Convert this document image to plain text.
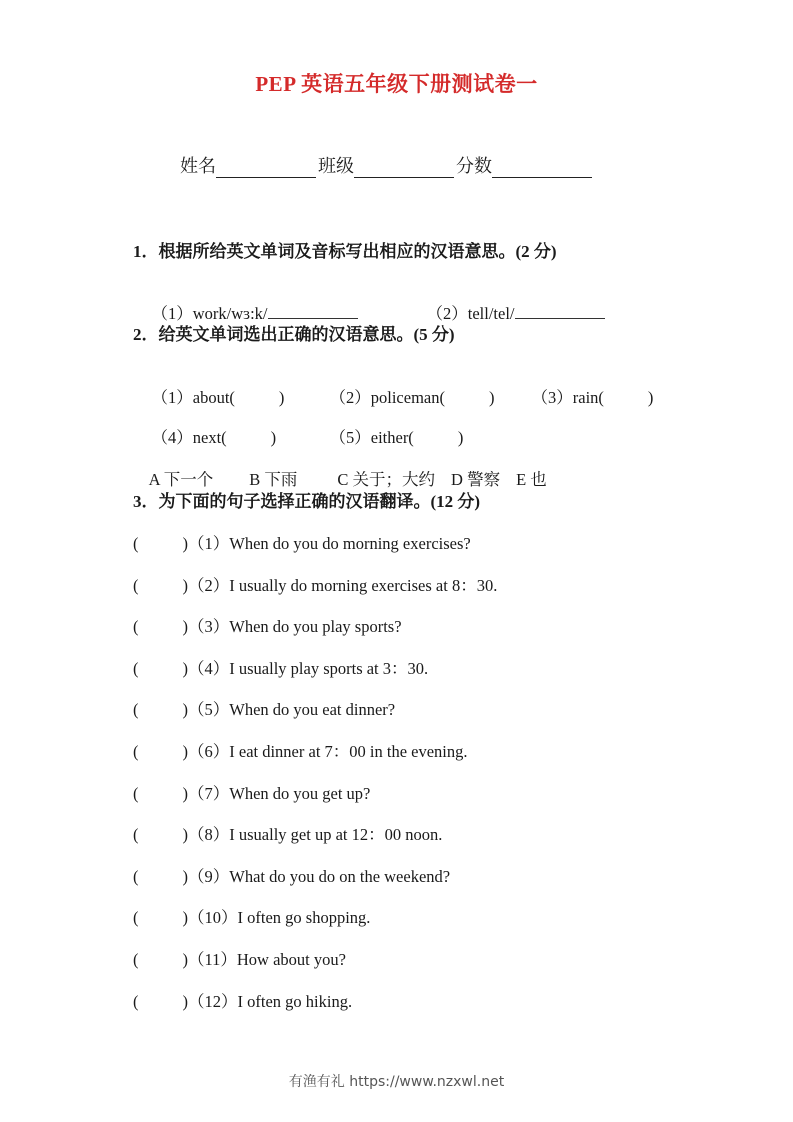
PEP 英语五年级下册测试卷一
姓名	班级	分数
1．根据所给英文单词及音标写出相应的汉语意思。(2 分)

（1）work/wɜ:k/
	（2）tell/tel/

2．给英文单词选出正确的汉语意思。(5 分)

（1）about(	)
	（2）policeman(	)
	（3）rain(	)

（4）next(	)
	（5）either(	)

A 下一个 B 下雨 C 关于；大约 D 警察 E 也

3．为下面的句子选择正确的汉语翻译。(12 分)
(	)（1）When do you do morning exercises?
(	)（2）I usually do morning exercises at 8：30.
(	)（3）When do you play sports?
(	)（4）I usually play sports at 3：30.
(	)（5）When do you eat dinner?
(	)（6）I eat dinner at 7：00 in the evening.
(	)（7）When do you get up?
(	)（8）I usually get up at 12：00 noon.
(	)（9）What do you do on the weekend?
(	)（10）I often go shopping.
(	)（11）How about you?
(	)（12）I often go hiking.
有渔有礼 https://www.nzxwl.net
